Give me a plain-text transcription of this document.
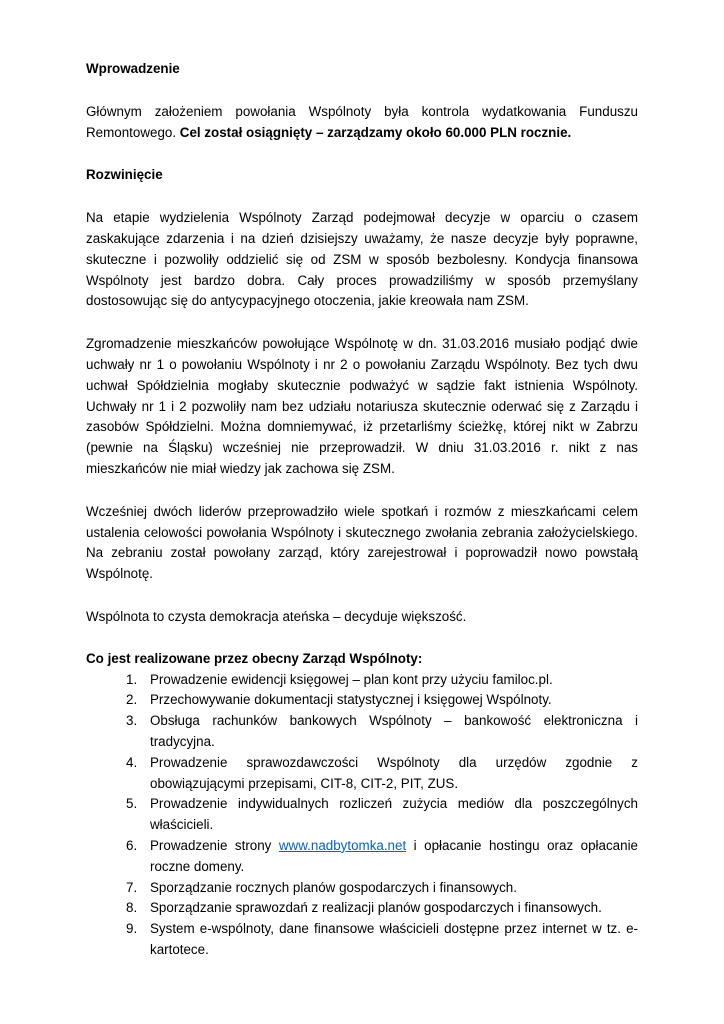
Wprowadzenie

Głównym założeniem powołania Wspólnoty była kontrola wydatkowania Funduszu Remontowego. Cel został osiągnięty – zarządzamy około 60.000 PLN rocznie.

Rozwinięcie

Na etapie wydzielenia Wspólnoty Zarząd podejmował decyzje w oparciu o czasem zaskakujące zdarzenia i na dzień dzisiejszy uważamy, że nasze decyzje były poprawne, skuteczne i pozwoliły oddzielić się od ZSM w sposób bezbolesny. Kondycja finansowa Wspólnoty jest bardzo dobra. Cały proces prowadziliśmy w sposób przemyślany dostosowując się do antycypacyjnego otoczenia, jakie kreowała nam ZSM.

Zgromadzenie mieszkańców powołujące Wspólnotę w dn. 31.03.2016 musiało podjąć dwie uchwały nr 1 o powołaniu Wspólnoty i nr 2 o powołaniu Zarządu Wspólnoty. Bez tych dwu uchwał Spółdzielnia mogłaby skutecznie podważyć w sądzie fakt istnienia Wspólnoty. Uchwały nr 1 i 2 pozwoliły nam bez udziału notariusza skutecznie oderwać się z Zarządu i zasobów Spółdzielni. Można domniemywać, iż przetarliśmy ścieżkę, której nikt w Zabrzu (pewnie na Śląsku) wcześniej nie przeprowadził. W dniu 31.03.2016 r. nikt z nas mieszkańców nie miał wiedzy jak zachowa się ZSM.

Wcześniej dwóch liderów przeprowadziło wiele spotkań i rozmów z mieszkańcami celem ustalenia celowości powołania Wspólnoty i skutecznego zwołania zebrania założycielskiego. Na zebraniu został powołany zarząd, który zarejestrował i poprowadził nowo powstałą Wspólnotę.

Wspólnota to czysta demokracja ateńska – decyduje większość.

Co jest realizowane przez obecny Zarząd Wspólnoty:

1. Prowadzenie ewidencji księgowej – plan kont przy użyciu familoc.pl.
2. Przechowywanie dokumentacji statystycznej i księgowej Wspólnoty.
3. Obsługa rachunków bankowych Wspólnoty – bankowość elektroniczna i tradycyjna.
4. Prowadzenie sprawozdawczości Wspólnoty dla urzędów zgodnie z obowiązującymi przepisami, CIT-8, CIT-2, PIT, ZUS.
5. Prowadzenie indywidualnych rozliczeń zużycia mediów dla poszczególnych właścicieli.
6. Prowadzenie strony www.nadbytomka.net i opłacanie hostingu oraz opłacanie roczne domeny.
7. Sporządzanie rocznych planów gospodarczych i finansowych.
8. Sporządzanie sprawozdań z realizacji planów gospodarczych i finansowych.
9. System e-wspólnoty, dane finansowe właścicieli dostępne przez internet w tz. e-kartotece.
